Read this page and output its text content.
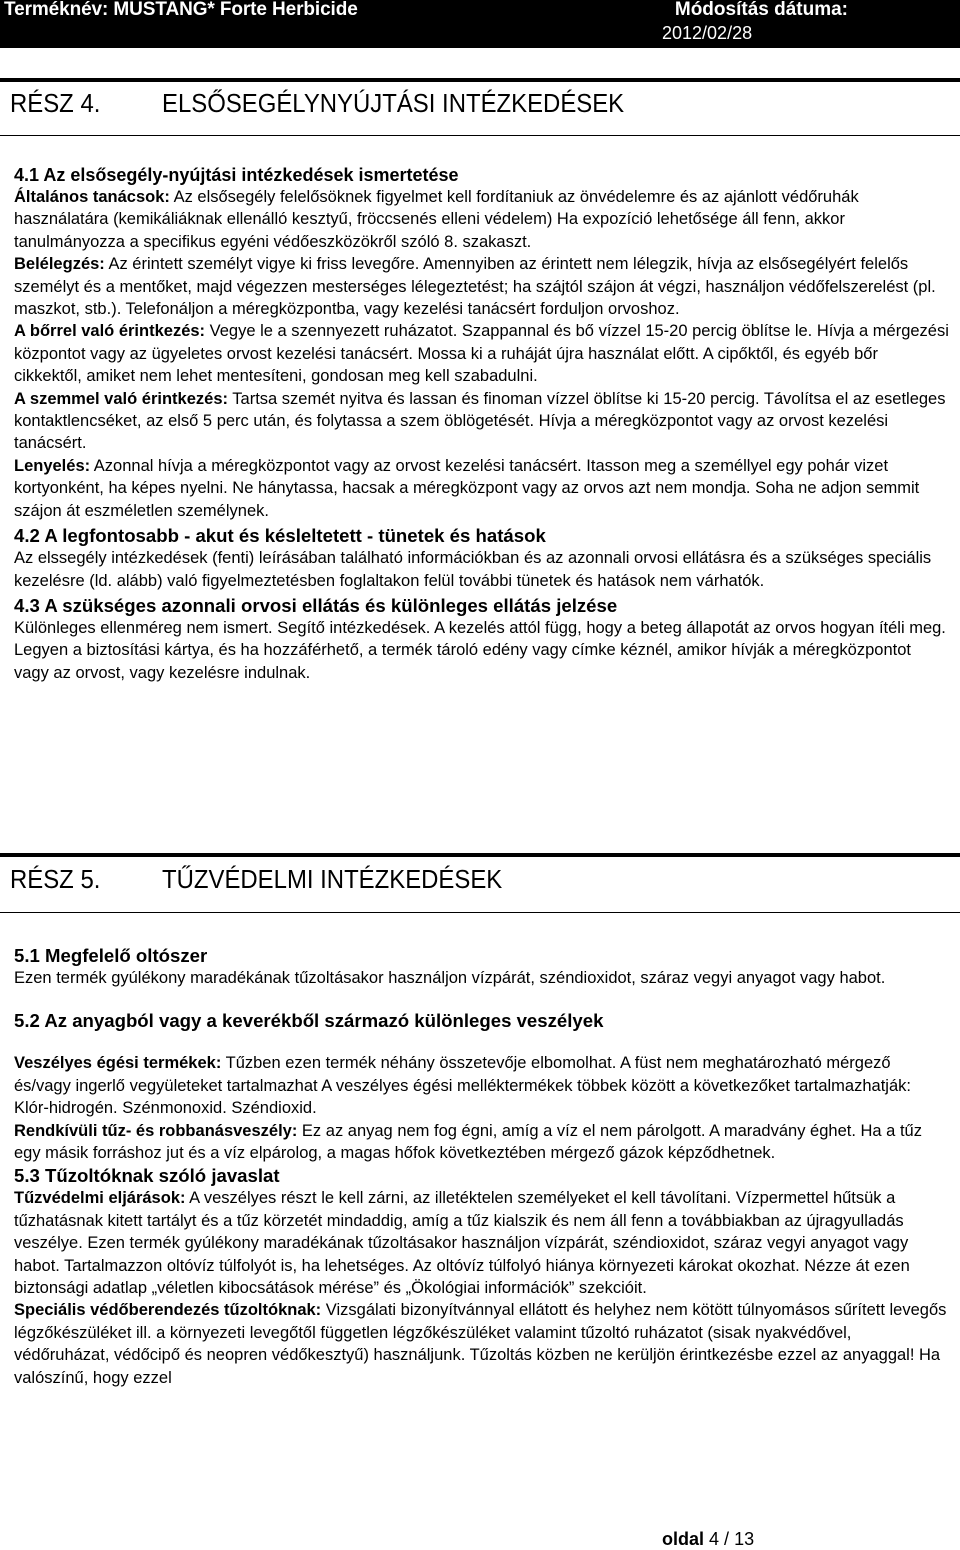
Terméknév: MUSTANG* Forte Herbicide	Módosítás dátuma:
2012/02/28
RÉSZ 4. ELSŐSEGÉLYNYÚJTÁSI INTÉZKEDÉSEK

4.1 Az elsősegély-nyújtási intézkedések ismertetése

Általános tanácsok: Az elsősegély felelősöknek figyelmet kell fordítaniuk az önvédelemre és az ajánlott védőruhák használatára (kemikáliáknak ellenálló kesztyű, fröccsenés elleni védelem) Ha expozíció lehetősége áll fenn, akkor tanulmányozza a specifikus egyéni védőeszközökről szóló 8. szakaszt.

Belélegzés: Az érintett személyt vigye ki friss levegőre. Amennyiben az érintett nem lélegzik, hívja az elsősegélyért felelős személyt és a mentőket, majd végezzen mesterséges lélegeztetést; ha szájtól szájon át végzi, használjon védőfelszerelést (pl. maszkot, stb.). Telefonáljon a méregközpontba, vagy kezelési tanácsért forduljon orvoshoz.

A bőrrel való érintkezés: Vegye le a szennyezett ruházatot. Szappannal és bő vízzel 15-20 percig öblítse le. Hívja a mérgezési központot vagy az ügyeletes orvost kezelési tanácsért. Mossa ki a ruháját újra használat előtt. A cipőktől, és egyéb bőr cikkektől, amiket nem lehet mentesíteni, gondosan meg kell szabadulni.

A szemmel való érintkezés: Tartsa szemét nyitva és lassan és finoman vízzel öblítse ki 15-20 percig. Távolítsa el az esetleges kontaktlencséket, az első 5 perc után, és folytassa a szem öblögetését. Hívja a méregközpontot vagy az orvost kezelési tanácsért.

Lenyelés: Azonnal hívja a méregközpontot vagy az orvost kezelési tanácsért. Itasson meg a személlyel egy pohár vizet kortyonként, ha képes nyelni. Ne hánytassa, hacsak a méregközpont vagy az orvos azt nem mondja. Soha ne adjon semmit szájon át eszméletlen személynek.

4.2 A legfontosabb - akut és késleltetett - tünetek és hatások

Az elssegély intézkedések (fenti) leírásában található információkban és az azonnali orvosi ellátásra és a szükséges speciális kezelésre (ld. alább) való figyelmeztetésben foglaltakon felül további tünetek és hatások nem várhatók.

4.3 A szükséges azonnali orvosi ellátás és különleges ellátás jelzése

Különleges ellenméreg nem ismert. Segítő intézkedések. A kezelés attól függ, hogy a beteg állapotát az orvos hogyan ítéli meg. Legyen a biztosítási kártya, és ha hozzáférhető, a termék tároló edény vagy címke kéznél, amikor hívják a méregközpontot vagy az orvost, vagy kezelésre indulnak.

RÉSZ 5. TŰZVÉDELMI INTÉZKEDÉSEK

5.1 Megfelelő oltószer

Ezen termék gyúlékony maradékának tűzoltásakor használjon vízpárát, széndioxidot, száraz vegyi anyagot vagy habot.

5.2 Az anyagból vagy a keverékből származó különleges veszélyek

Veszélyes égési termékek: Tűzben ezen termék néhány összetevője elbomolhat. A füst nem meghatározható mérgező és/vagy ingerlő vegyületeket tartalmazhat A veszélyes égési melléktermékek többek között a következőket tartalmazhatják: Klór-hidrogén. Szénmonoxid. Széndioxid.

Rendkívüli tűz- és robbanásveszély: Ez az anyag nem fog égni, amíg a víz el nem párolgott. A maradvány éghet. Ha a tűz egy másik forráshoz jut és a víz elpárolog, a magas hőfok következtében mérgező gázok képződhetnek.

5.3 Tűzoltóknak szóló javaslat

Tűzvédelmi eljárások: A veszélyes részt le kell zárni, az illetéktelen személyeket el kell távolítani. Vízpermettel hűtsük a tűzhatásnak kitett tartályt és a tűz körzetét mindaddig, amíg a tűz kialszik és nem áll fenn a továbbiakban az újragyulladás veszélye. Ezen termék gyúlékony maradékának tűzoltásakor használjon vízpárát, széndioxidot, száraz vegyi anyagot vagy habot. Tartalmazzon oltóvíz túlfolyót is, ha lehetséges. Az oltóvíz túlfolyó hiánya környezeti károkat okozhat. Nézze át ezen biztonsági adatlap „véletlen kibocsátások mérése” és „Ökológiai információk” szekcióit.

Speciális védőberendezés tűzoltóknak: Vizsgálati bizonyítvánnyal ellátott és helyhez nem kötött túlnyomásos sűrített levegős légzőkészüléket ill. a környezeti levegőtől független légzőkészüléket valamint tűzoltó ruházatot (sisak nyakvédővel, védőruházat, védőcipő és neopren védőkesztyű) használjunk. Tűzoltás közben ne kerüljön érintkezésbe ezzel az anyaggal! Ha valószínű, hogy ezzel

oldal 4 / 13
